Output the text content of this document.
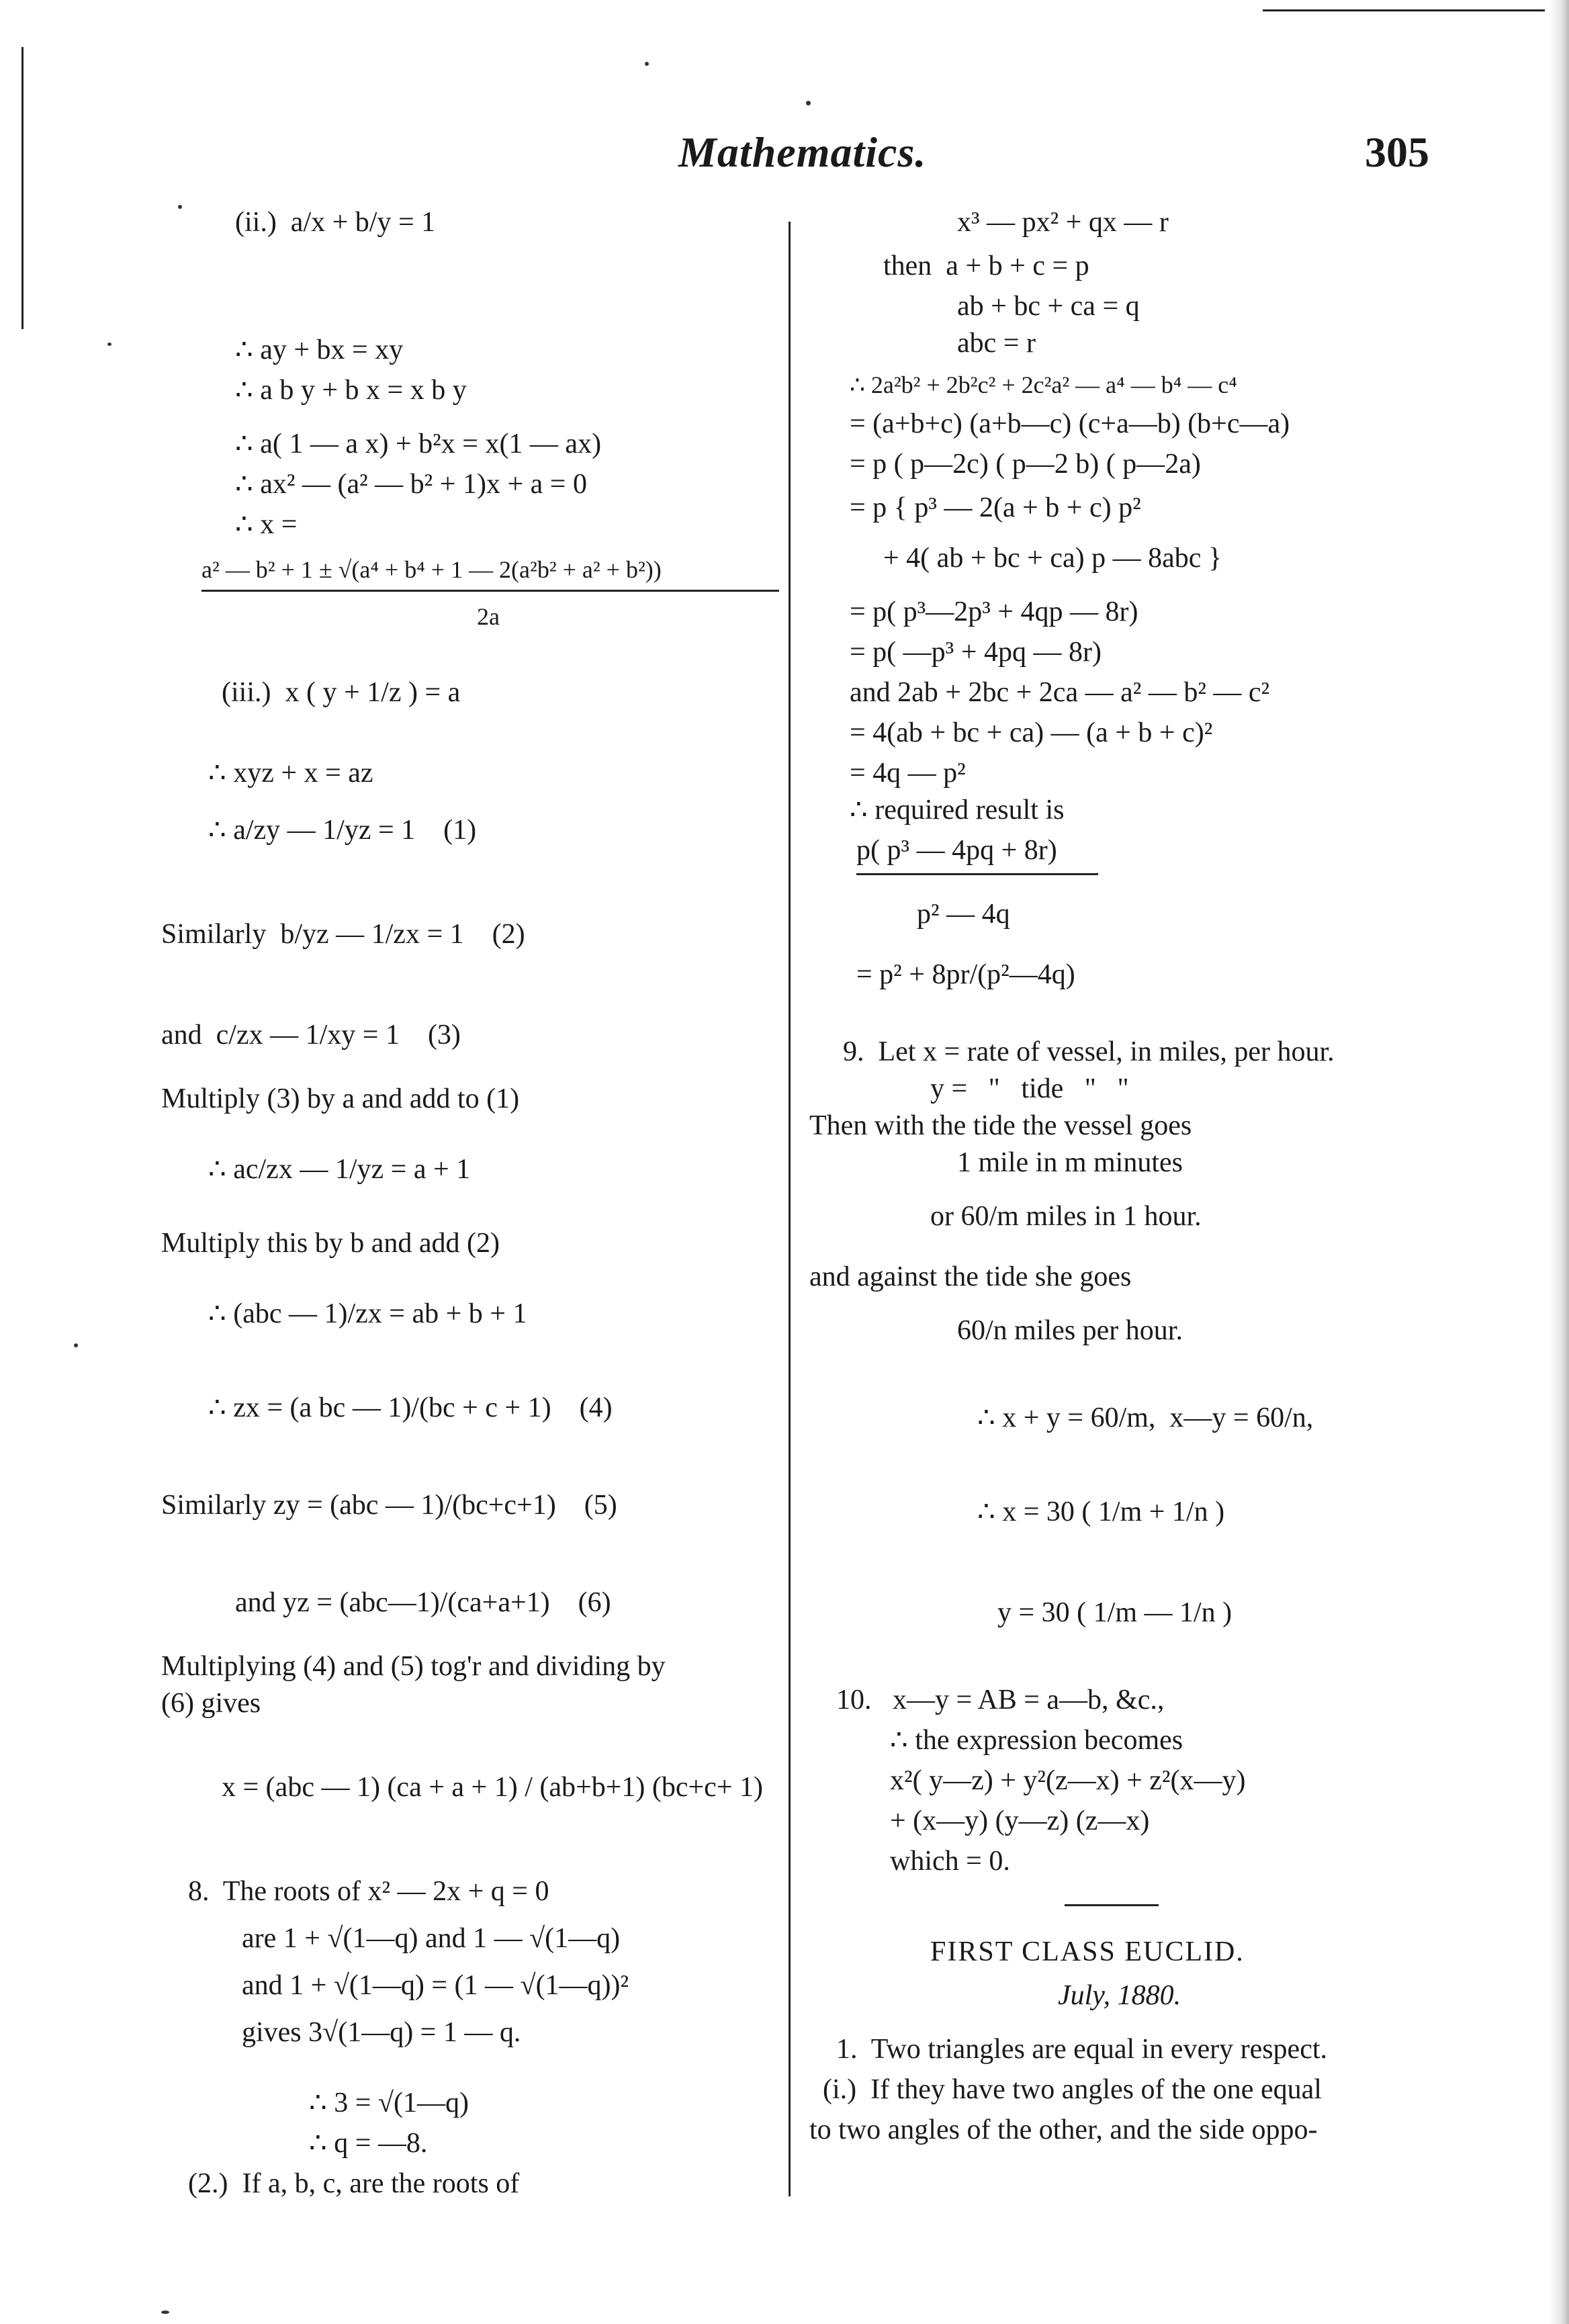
Mathematics.	305
(ii.)  a/x + b/y = 1
∴ ay + bx = xy
∴ a b y + b x = x b y
∴ a( 1 — a x) + b²x = x(1 — ax)
∴ ax² — (a² — b² + 1)x + a = 0
∴ x =
a² — b² + 1 ± √(a⁴ + b⁴ + 1 — 2(a²b² + a² + b²))
2a
(iii.)  x ( y + 1/z ) = a
∴ xyz + x = az
∴ a/zy — 1/yz = 1    (1)
Similarly  b/yz — 1/zx = 1    (2)
and  c/zx — 1/xy = 1    (3)
Multiply (3) by a and add to (1)
∴ ac/zx — 1/yz = a + 1
Multiply this by b and add (2)
∴ (abc — 1)/zx = ab + b + 1
∴ zx = (a bc — 1)/(bc + c + 1)    (4)
Similarly zy = (abc — 1)/(bc+c+1)    (5)
and yz = (abc—1)/(ca+a+1)    (6)
Multiplying (4) and (5) tog'r and dividing by
(6) gives
x = (abc — 1) (ca + a + 1) / (ab+b+1) (bc+c+ 1)
8.  The roots of x² — 2x + q = 0
are 1 + √(1—q) and 1 — √(1—q)
and 1 + √(1—q) = (1 — √(1—q))²
gives 3√(1—q) = 1 — q.
∴ 3 = √(1—q)
∴ q = —8.
(2.)  If a, b, c, are the roots of
x³ — px² + qx — r
then  a + b + c = p
ab + bc + ca = q
abc = r
∴ 2a²b² + 2b²c² + 2c²a² — a⁴ — b⁴ — c⁴
= (a+b+c) (a+b—c) (c+a—b) (b+c—a)
= p ( p—2c) ( p—2 b) ( p—2a)
= p { p³ — 2(a + b + c) p²
+ 4( ab + bc + ca) p — 8abc }
= p( p³—2p³ + 4qp — 8r)
= p( —p³ + 4pq — 8r)
and 2ab + 2bc + 2ca — a² — b² — c²
= 4(ab + bc + ca) — (a + b + c)²
= 4q — p²
∴ required result is
p( p³ — 4pq + 8r)
p² — 4q
= p² + 8pr/(p²—4q)
9.  Let x = rate of vessel, in miles, per hour.
y =   "   tide   "   "
Then with the tide the vessel goes
1 mile in m minutes
or 60/m miles in 1 hour.
and against the tide she goes
60/n miles per hour.
∴ x + y = 60/m,  x—y = 60/n,
∴ x = 30 ( 1/m + 1/n )
y = 30 ( 1/m — 1/n )
10.   x—y = AB = a—b, &c.,
∴ the expression becomes
x²( y—z) + y²(z—x) + z²(x—y)
+ (x—y) (y—z) (z—x)
which = 0.
FIRST CLASS EUCLID.
July, 1880.
1.  Two triangles are equal in every respect.
(i.)  If they have two angles of the one equal
to two angles of the other, and the side oppo-
